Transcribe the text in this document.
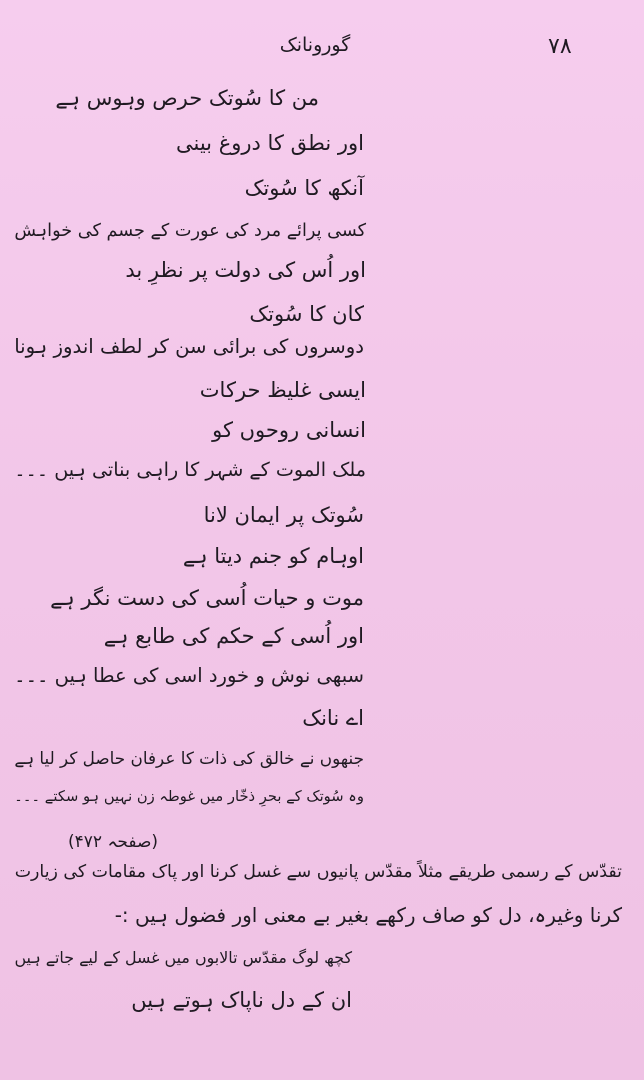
۷۸
گورونانک
من کا سُوتک حرص وہوس ہے
اور نطق کا دروغ بینی
آنکھ کا سُوتک
کسی پرائے مرد کی عورت کے جسم کی خواہش
اور اُس کی دولت پر نظرِ بد
کان کا سُوتک
دوسروں کی برائی سن کر لطف اندوز ہونا
ایسی غلیظ حرکات
انسانی روحوں کو
ملک الموت کے شہر کا راہی بناتی ہیں ۔۔۔
سُوتک پر ایمان لانا
اوہام کو جنم دیتا ہے
موت و حیات اُسی کی دست نگر ہے
اور اُسی کے حکم کی طابع ہے
سبھی نوش و خورد اسی کی عطا ہیں ۔۔۔
اے نانک
جنھوں نے خالق کی ذات کا عرفان حاصل کر لیا ہے
وہ سُوتک کے بحرِ ذخّار میں غوطہ زن نہیں ہو سکتے ۔۔۔
(صفحہ ۴۷۲)
تقدّس کے رسمی طریقے مثلاً مقدّس پانیوں سے غسل کرنا اور پاک مقامات کی زیارت
کرنا وغیرہ، دل کو صاف رکھے بغیر بے معنی اور فضول ہیں :-
کچھ لوگ مقدّس تالابوں میں غسل کے لیے جاتے ہیں
ان کے دل ناپاک ہوتے ہیں
